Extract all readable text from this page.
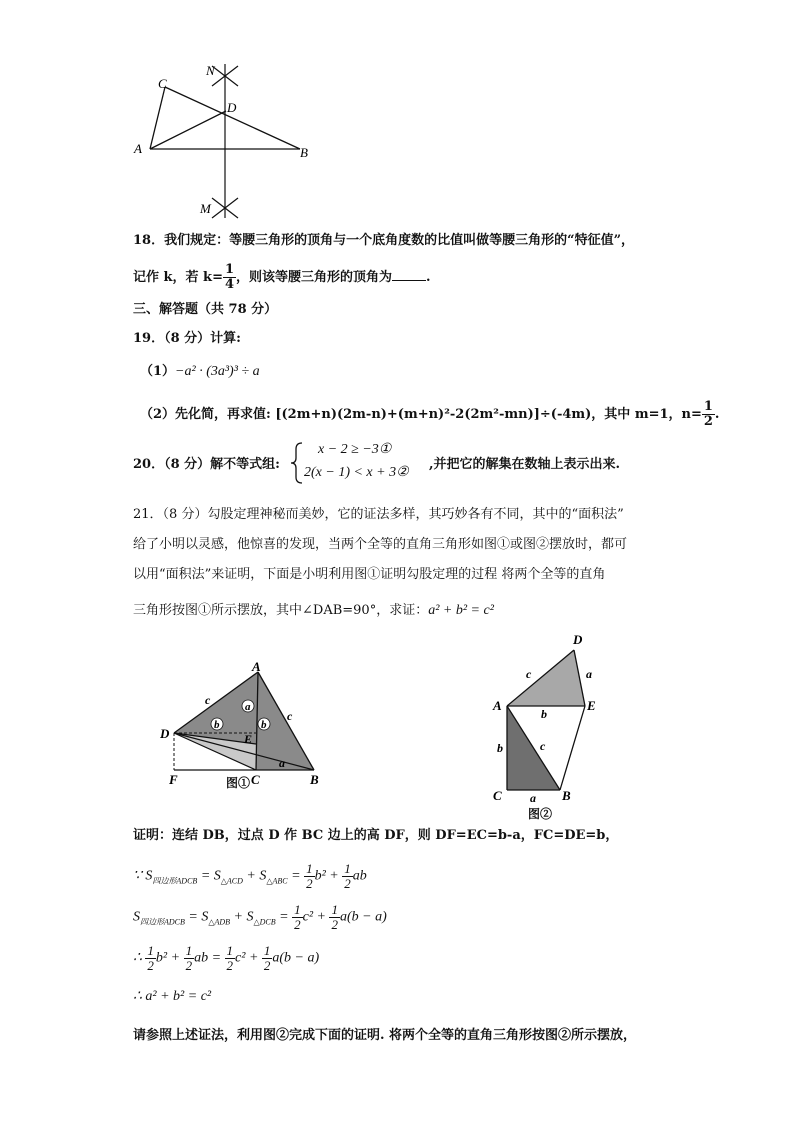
N
C
D
A	B
M
18．我们规定：等腰三角形的顶角与一个底角度数的比值叫做等腰三角形的“特征值”，
记作 k，若 $k= \frac{1}{4}$ ，则该等腰三角形的顶角为	.
三、解答题（共 78 分）
19．（8 分）计算:
（1）−a² · (3a³)³ ÷ a
（2）先化简，再求值: [(2m+n)(2m-n)+(m+n)²-2(2m²-mn)]÷(-4m)，其中 m=1，$n= \frac{1}{2}$ .
20．（8 分）解不等式组:
x − 2 ≥ −3①
2(x − 1) < x + 3②
,并把它的解集在数轴上表示出来.
21．（8 分）勾股定理神秘而美妙，它的证法多样，其巧妙各有不同，其中的“面积法”
给了小明以灵感，他惊喜的发现，当两个全等的直角三角形如图①或图②摆放时，都可
以用“面积法”来证明，下面是小明利用图①证明勾股定理的过程 将两个全等的直角
三角形按图①所示摆放，其中∠DAB=90°，求证：a² + b² = c²
A
D	E
F	C	B
c
c
a
b	b
a
图①
D
A	E
C	B
c	a
b
b	c
a
图②
证明：连结 DB，过点 D 作 BC 边上的高 DF，则 DF=EC=b-a，FC=DE=b，
∵ $S_{四边形ADCB} = S_{\triangle ACD} + S_{\triangle ABC} = \frac{1}{2} b^2 + \frac{1}{2}$ ab
$S_{四边形ADCB} = S_{\triangle ADB} + S_{\triangle DCB} = \frac{1}{2} c^2 + \frac{1}{2} a(b - a)$
∴ $\frac{1}{2} b^2 + \frac{1}{2}$ ab = $\frac{1}{2} c^2 + \frac{1}{2} a(b - a)$
∴ a² + b² = c²
请参照上述证法，利用图②完成下面的证明. 将两个全等的直角三角形按图②所示摆放，
